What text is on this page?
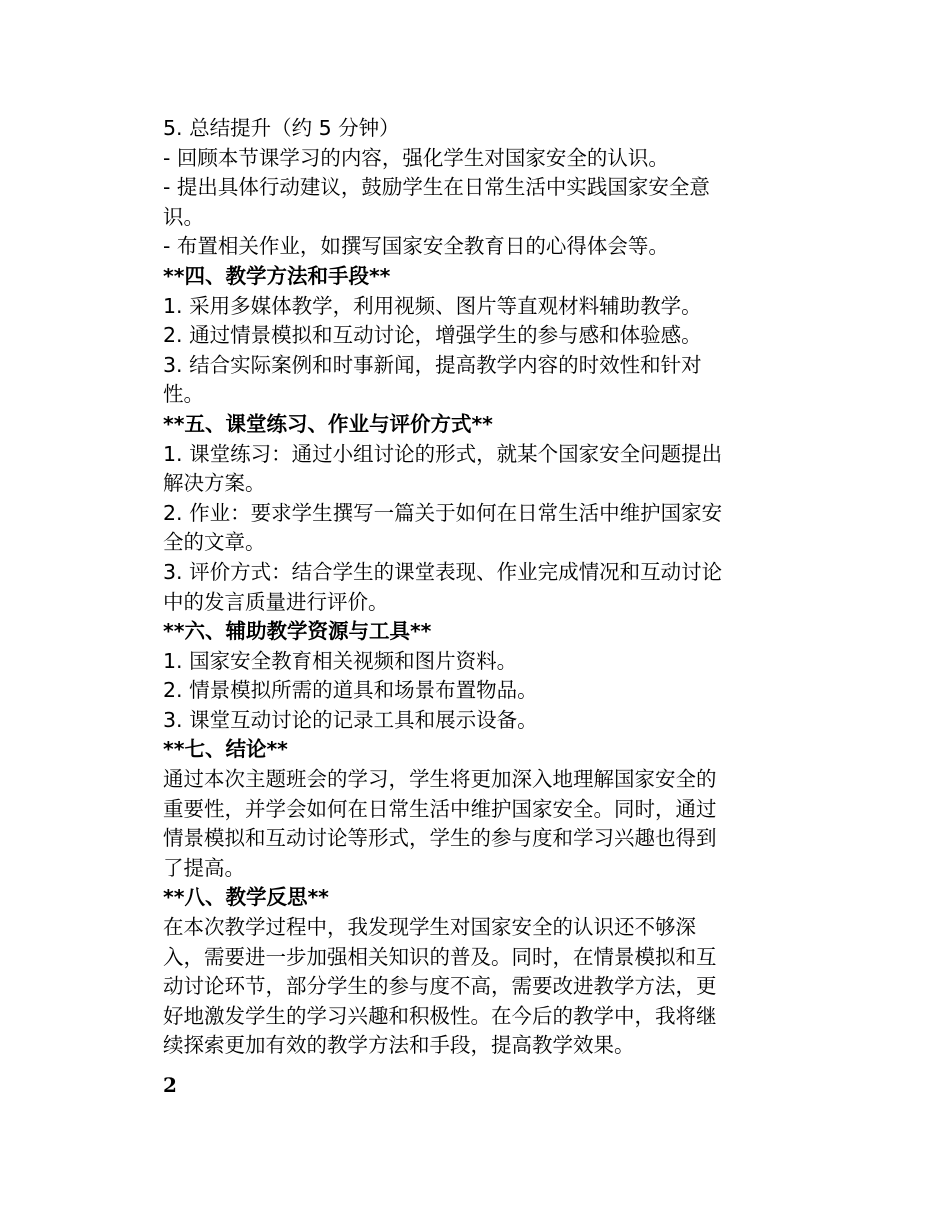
5. 总结提升（约 5 分钟）

- 回顾本节课学习的内容，强化学生对国家安全的认识。

- 提出具体行动建议，鼓励学生在日常生活中实践国家安全意

识。

- 布置相关作业，如撰写国家安全教育日的心得体会等。

**四、教学方法和手段**

1. 采用多媒体教学，利用视频、图片等直观材料辅助教学。

2. 通过情景模拟和互动讨论，增强学生的参与感和体验感。

3. 结合实际案例和时事新闻，提高教学内容的时效性和针对

性。

**五、课堂练习、作业与评价方式**

1. 课堂练习：通过小组讨论的形式，就某个国家安全问题提出

解决方案。

2. 作业：要求学生撰写一篇关于如何在日常生活中维护国家安

全的文章。

3. 评价方式：结合学生的课堂表现、作业完成情况和互动讨论

中的发言质量进行评价。

**六、辅助教学资源与工具**

1. 国家安全教育相关视频和图片资料。

2. 情景模拟所需的道具和场景布置物品。

3. 课堂互动讨论的记录工具和展示设备。

**七、结论**

通过本次主题班会的学习，学生将更加深入地理解国家安全的

重要性，并学会如何在日常生活中维护国家安全。同时，通过

情景模拟和互动讨论等形式，学生的参与度和学习兴趣也得到

了提高。

**八、教学反思**

在本次教学过程中，我发现学生对国家安全的认识还不够深

入，需要进一步加强相关知识的普及。同时，在情景模拟和互

动讨论环节，部分学生的参与度不高，需要改进教学方法，更

好地激发学生的学习兴趣和积极性。在今后的教学中，我将继

续探索更加有效的教学方法和手段，提高教学效果。

2
